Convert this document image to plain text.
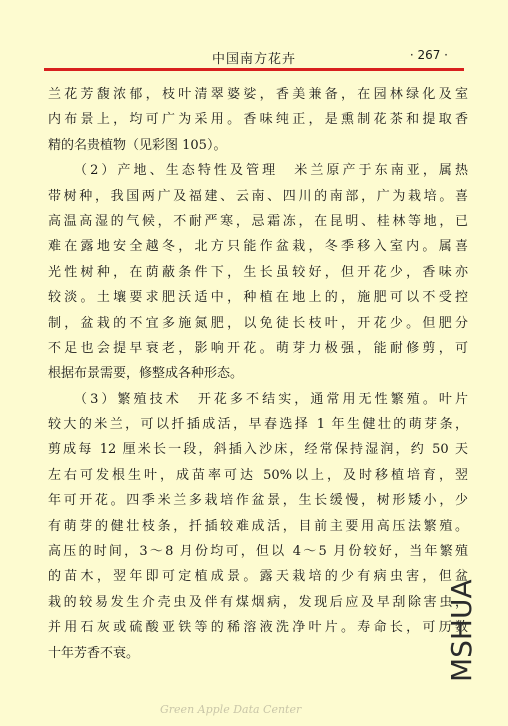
中国南方花卉	· 267 ·
兰花芳馥浓郁，枝叶清翠婆娑，香美兼备，在园林绿化及室
内布景上，均可广为采用。香味纯正，是熏制花茶和提取香
精的名贵植物（见彩图 105）。
（2）产地、生态特性及管理　米兰原产于东南亚，属热
带树种，我国两广及福建、云南、四川的南部，广为栽培。喜
高温高湿的气候，不耐严寒，忌霜冻，在昆明、桂林等地，已
难在露地安全越冬，北方只能作盆栽，冬季移入室内。属喜
光性树种，在荫蔽条件下，生长虽较好，但开花少，香味亦
较淡。土壤要求肥沃适中，种植在地上的，施肥可以不受控
制，盆栽的不宜多施氮肥，以免徒长枝叶，开花少。但肥分
不足也会提早衰老，影响开花。萌芽力极强，能耐修剪，可
根据布景需要，修整成各种形态。
（3）繁殖技术　开花多不结实，通常用无性繁殖。叶片
较大的米兰，可以扦插成活，早春选择 1 年生健壮的萌芽条，
剪成每 12 厘米长一段，斜插入沙床，经常保持湿润，约 50 天
左右可发根生叶，成苗率可达 50%以上，及时移植培育，翌
年可开花。四季米兰多栽培作盆景，生长缓慢，树形矮小，少
有萌芽的健壮枝条，扦插较难成活，目前主要用高压法繁殖。
高压的时间，3～8 月份均可，但以 4～5 月份较好，当年繁殖
的苗木，翌年即可定植成景。露天栽培的少有病虫害，但盆
栽的较易发生介壳虫及伴有煤烟病，发现后应及早刮除害虫，
并用石灰或硫酸亚铁等的稀溶液洗净叶片。寿命长，可历数
十年芳香不衰。	MSHUA
Green Apple Data Center
